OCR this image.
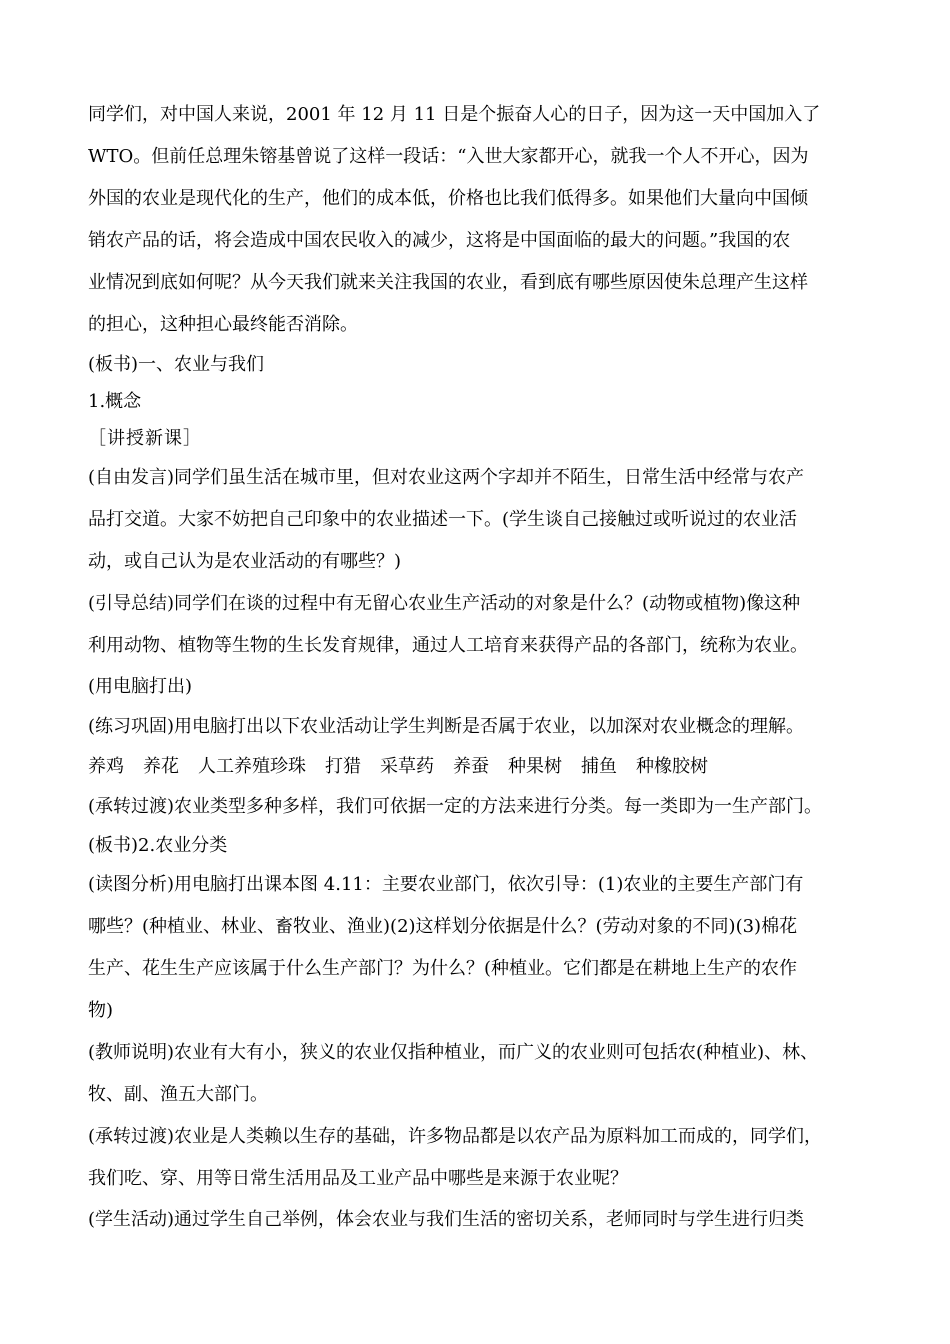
同学们，对中国人来说，2001 年 12 月 11 日是个振奋人心的日子，因为这一天中国加入了
WTO。但前任总理朱镕基曾说了这样一段话：“入世大家都开心，就我一个人不开心，因为
外国的农业是现代化的生产，他们的成本低，价格也比我们低得多。如果他们大量向中国倾
销农产品的话，将会造成中国农民收入的减少，这将是中国面临的最大的问题。”我国的农
业情况到底如何呢？从今天我们就来关注我国的农业，看到底有哪些原因使朱总理产生这样
的担心，这种担心最终能否消除。
(板书)一、农业与我们
1.概念
［讲授新课］
(自由发言)同学们虽生活在城市里，但对农业这两个字却并不陌生，日常生活中经常与农产
品打交道。大家不妨把自己印象中的农业描述一下。(学生谈自己接触过或听说过的农业活
动，或自己认为是农业活动的有哪些？)
(引导总结)同学们在谈的过程中有无留心农业生产活动的对象是什么？(动物或植物)像这种
利用动物、植物等生物的生长发育规律，通过人工培育来获得产品的各部门，统称为农业。
(用电脑打出)
(练习巩固)用电脑打出以下农业活动让学生判断是否属于农业，以加深对农业概念的理解。
养鸡 养花 人工养殖珍珠 打猎 采草药 养蚕 种果树 捕鱼 种橡胶树
(承转过渡)农业类型多种多样，我们可依据一定的方法来进行分类。每一类即为一生产部门。
(板书)2.农业分类
(读图分析)用电脑打出课本图 4.11：主要农业部门，依次引导：(1)农业的主要生产部门有
哪些？(种植业、林业、畜牧业、渔业)(2)这样划分依据是什么？(劳动对象的不同)(3)棉花
生产、花生生产应该属于什么生产部门？为什么？(种植业。它们都是在耕地上生产的农作
物)
(教师说明)农业有大有小，狭义的农业仅指种植业，而广义的农业则可包括农(种植业)、林、
牧、副、渔五大部门。
(承转过渡)农业是人类赖以生存的基础，许多物品都是以农产品为原料加工而成的，同学们，
我们吃、穿、用等日常生活用品及工业产品中哪些是来源于农业呢？
(学生活动)通过学生自己举例，体会农业与我们生活的密切关系，老师同时与学生进行归类
